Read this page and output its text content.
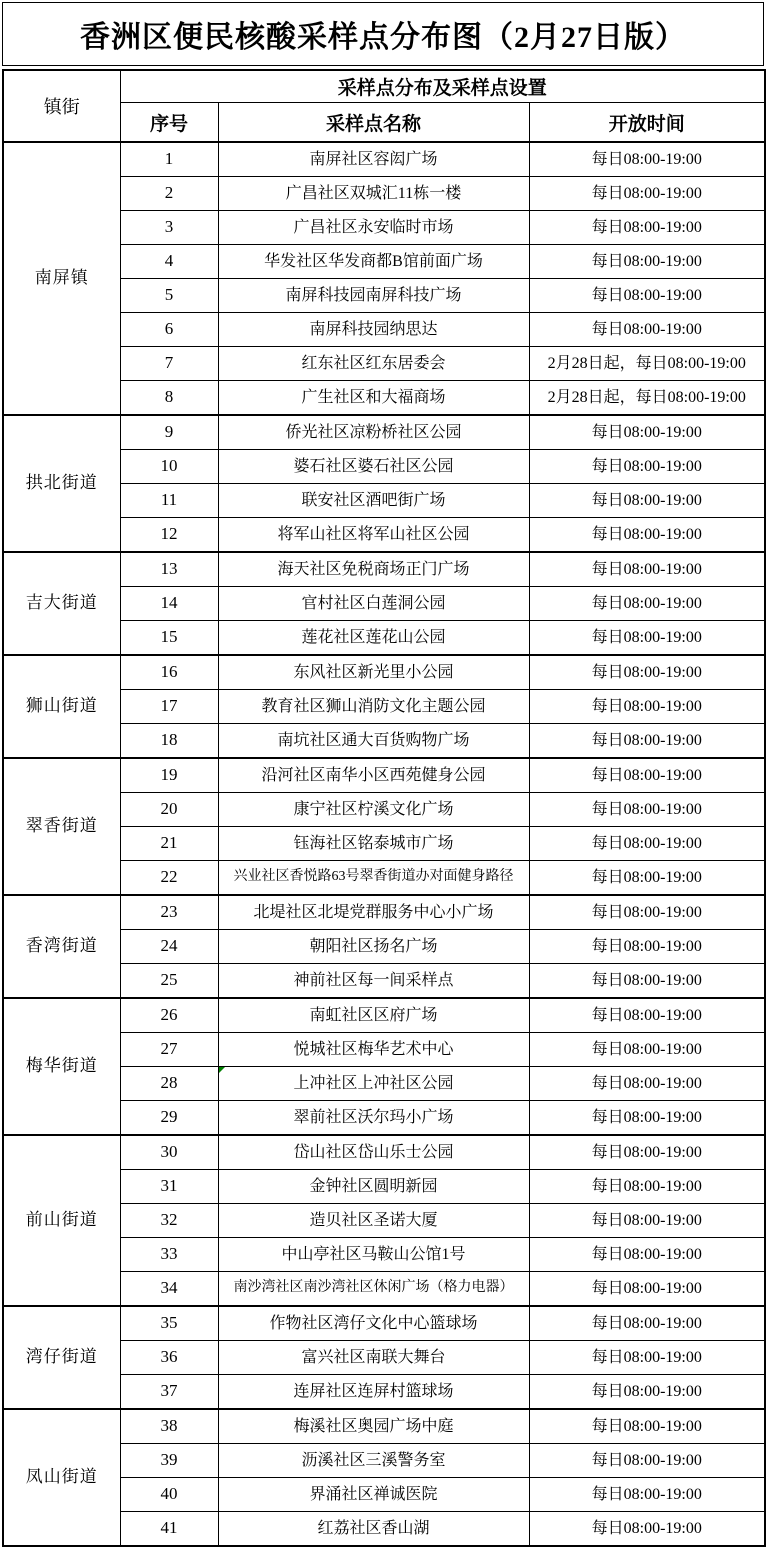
香洲区便民核酸采样点分布图（2月27日版）
镇街	采样点分布及采样点设置		
	序号	采样点名称	开放时间
南屏镇	1	南屏社区容闳广场	每日08:00-19:00
	2	广昌社区双城汇11栋一楼	每日08:00-19:00
	3	广昌社区永安临时市场	每日08:00-19:00
	4	华发社区华发商都B馆前面广场	每日08:00-19:00
	5	南屏科技园南屏科技广场	每日08:00-19:00
	6	南屏科技园纳思达	每日08:00-19:00
	7	红东社区红东居委会	2月28日起，每日08:00-19:00
	8	广生社区和大福商场	2月28日起，每日08:00-19:00
拱北街道	9	侨光社区凉粉桥社区公园	每日08:00-19:00
	10	婆石社区婆石社区公园	每日08:00-19:00
	11	联安社区酒吧街广场	每日08:00-19:00
	12	将军山社区将军山社区公园	每日08:00-19:00
吉大街道	13	海天社区免税商场正门广场	每日08:00-19:00
	14	官村社区白莲洞公园	每日08:00-19:00
	15	莲花社区莲花山公园	每日08:00-19:00
狮山街道	16	东风社区新光里小公园	每日08:00-19:00
	17	教育社区狮山消防文化主题公园	每日08:00-19:00
	18	南坑社区通大百货购物广场	每日08:00-19:00
翠香街道	19	沿河社区南华小区西苑健身公园	每日08:00-19:00
	20	康宁社区柠溪文化广场	每日08:00-19:00
	21	钰海社区铭泰城市广场	每日08:00-19:00
	22	兴业社区香悦路63号翠香街道办对面健身路径	每日08:00-19:00
香湾街道	23	北堤社区北堤党群服务中心小广场	每日08:00-19:00
	24	朝阳社区扬名广场	每日08:00-19:00
	25	神前社区每一间采样点	每日08:00-19:00
梅华街道	26	南虹社区区府广场	每日08:00-19:00
	27	悦城社区梅华艺术中心	每日08:00-19:00
	28	上冲社区上冲社区公园	每日08:00-19:00
	29	翠前社区沃尔玛小广场	每日08:00-19:00
前山街道	30	岱山社区岱山乐士公园	每日08:00-19:00
	31	金钟社区圆明新园	每日08:00-19:00
	32	造贝社区圣诺大厦	每日08:00-19:00
	33	中山亭社区马鞍山公馆1号	每日08:00-19:00
	34	南沙湾社区南沙湾社区休闲广场（格力电器）	每日08:00-19:00
湾仔街道	35	作物社区湾仔文化中心篮球场	每日08:00-19:00
	36	富兴社区南联大舞台	每日08:00-19:00
	37	连屏社区连屏村篮球场	每日08:00-19:00
凤山街道	38	梅溪社区奥园广场中庭	每日08:00-19:00
	39	沥溪社区三溪警务室	每日08:00-19:00
	40	界涌社区禅诚医院	每日08:00-19:00
	41	红荔社区香山湖	每日08:00-19:00
